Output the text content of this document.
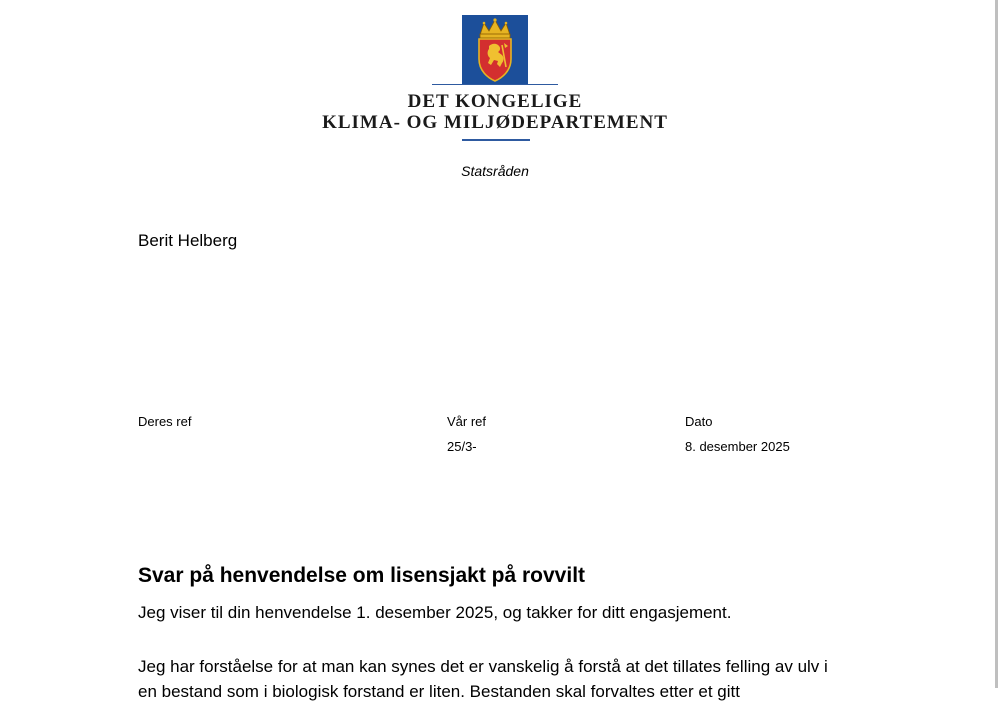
DET KONGELIGE
KLIMA- OG MILJØDEPARTEMENT
Statsråden
Berit Helberg
Deres ref	Vår ref
25/3-
Dato
8. desember 2025
Svar på henvendelse om lisensjakt på rovvilt
Jeg viser til din henvendelse 1. desember 2025, og takker for ditt engasjement.
Jeg har forståelse for at man kan synes det er vanskelig å forstå at det tillates felling av ulv i
en bestand som i biologisk forstand er liten. Bestanden skal forvaltes etter et gitt
